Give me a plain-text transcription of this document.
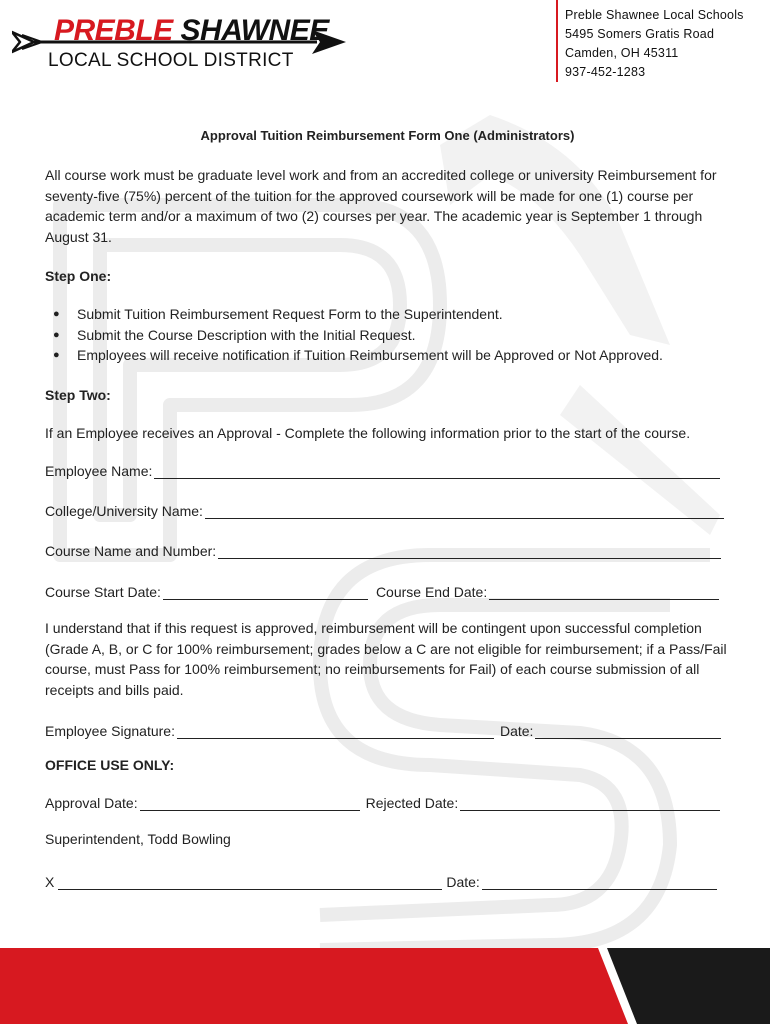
PREBLE SHAWNEE
LOCAL SCHOOL DISTRICT
Preble Shawnee Local Schools
5495 Somers Gratis Road
Camden, OH 45311
937-452-1283
Approval Tuition Reimbursement Form One (Administrators)

All course work must be graduate level work and from an accredited college or university Reimbursement for seventy-five (75%) percent of the tuition for the approved coursework will be made for one (1) course per academic term and/or a maximum of two (2) courses per year. The academic year is September 1 through August 31.

Step One:
● Submit Tuition Reimbursement Request Form to the Superintendent.
● Submit the Course Description with the Initial Request.
● Employees will receive notification if Tuition Reimbursement will be Approved or Not Approved.
Step Two:

If an Employee receives an Approval - Complete the following information prior to the start of the course.

Employee Name:
College/University Name:
Course Name and Number:
Course Start Date:	Course End Date:

I understand that if this request is approved, reimbursement will be contingent upon successful completion (Grade A, B, or C for 100% reimbursement; grades below a C are not eligible for reimbursement; if a Pass/Fail course, must Pass for 100% reimbursement; no reimbursements for Fail) of each course submission of all receipts and bills paid.

Employee Signature:	Date:
OFFICE USE ONLY:
Approval Date:	Rejected Date:
Superintendent, Todd Bowling
X	Date:
